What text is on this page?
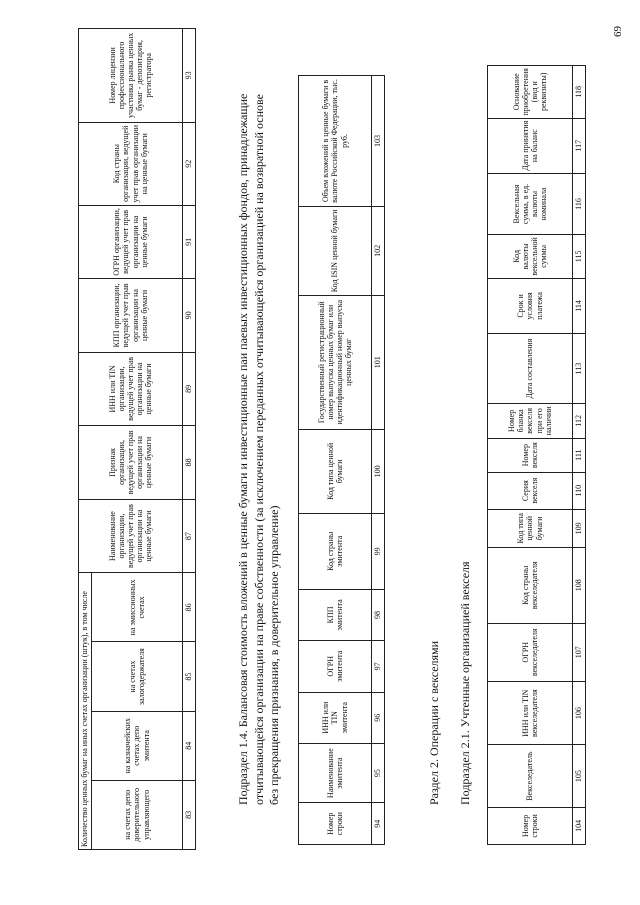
Количество ценных бумаг на иных счетах организации (штук), в том числе				Наименование организации, ведущей учет прав организации на ценные бумаги	Признак организации, ведущей учет прав организации на ценные бумаги	ИНН или TIN организации, ведущей учет прав организации на ценные бумаги	КПП организации, ведущей учет прав организации на ценные бумаги	ОГРН организации, ведущей учет прав организации на ценные бумаги	Код страны организации, ведущей учет прав организации на ценные бумаги	Номер лицензии профессионального участника рынка ценных бумаг - депозитария, регистратора
на счетах депо доверительного управляющего	на казначейских счетах депо эмитента	на счетах залогодержателя	на эмиссионных счетах							
83	84	85	86	87	88	89	90	91	92	93
Подраздел 1.4. Балансовая стоимость вложений в ценные бумаги и инвестиционные паи паевых инвестиционных фондов, принадлежащие отчитывающейся организации на праве собственности (за исключением переданных отчитывающейся организацией на возвратной основе без прекращения признания, в доверительное управление)
Номер строки	Наименование эмитента	ИНН или TIN эмитента	ОГРН эмитента	КПП эмитента	Код страны эмитента	Код типа ценной бумаги	Государственный регистрационный номер выпуска ценных бумаг или идентификационный номер выпуска ценных бумаг	Код ISIN ценной бумаги	Объем вложений в ценные бумаги в валюте Российской Федерации, тыс. руб.
94	95	96	97	98	99	100	101	102	103
Раздел 2. Операции с векселями Подраздел 2.1. Учтенные организацией векселя
Номер строки	Векселедатель	ИНН или TIN векселедателя	ОГРН векселедателя	Код страны векселедателя	Код типа ценной бумаги	Серия векселя	Номер векселя	Номер бланка векселя при его наличии	Дата составления	Срок и условия платежа	Код валюты вексельной суммы	Вексельная сумма, в ед. валюты номинала	Дата принятия на баланс	Основание приобретения (вид и реквизиты)
104	105	106	107	108	109	110	111	112	113	114	115	116	117	118
69
